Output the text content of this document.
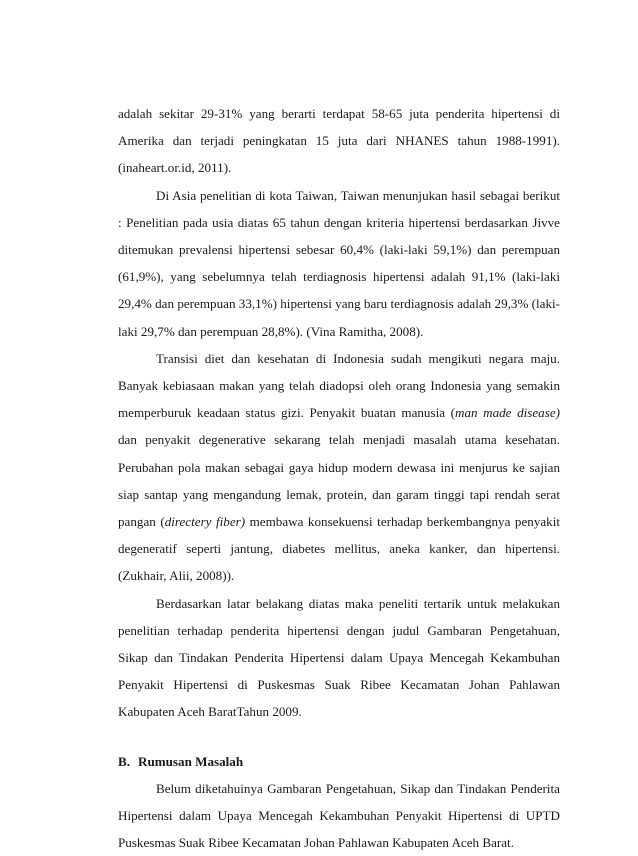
adalah sekitar 29-31% yang berarti terdapat 58-65 juta penderita hipertensi di Amerika dan terjadi peningkatan 15 juta dari NHANES tahun 1988-1991). (inaheart.or.id, 2011).

Di Asia penelitian di kota Taiwan, Taiwan menunjukan hasil sebagai berikut : Penelitian pada usia diatas 65 tahun dengan kriteria hipertensi berdasarkan Jivve ditemukan prevalensi hipertensi sebesar 60,4% (laki-laki 59,1%) dan perempuan (61,9%), yang sebelumnya telah terdiagnosis hipertensi adalah 91,1% (laki-laki 29,4% dan perempuan 33,1%) hipertensi yang baru terdiagnosis adalah 29,3% (laki-laki 29,7% dan perempuan 28,8%). (Vina Ramitha, 2008).

Transisi diet dan kesehatan di Indonesia sudah mengikuti negara maju. Banyak kebiasaan makan yang telah diadopsi oleh orang Indonesia yang semakin memperburuk keadaan status gizi. Penyakit buatan manusia (man made disease) dan penyakit degenerative sekarang telah menjadi masalah utama kesehatan. Perubahan pola makan sebagai gaya hidup modern dewasa ini menjurus ke sajian siap santap yang mengandung lemak, protein, dan garam tinggi tapi rendah serat pangan (directery fiber) membawa konsekuensi terhadap berkembangnya penyakit degeneratif seperti jantung, diabetes mellitus, aneka kanker, dan hipertensi. (Zukhair, Alii, 2008)).

Berdasarkan latar belakang diatas maka peneliti tertarik untuk melakukan penelitian terhadap penderita hipertensi dengan judul Gambaran Pengetahuan, Sikap dan Tindakan Penderita Hipertensi dalam Upaya Mencegah Kekambuhan Penyakit Hipertensi di Puskesmas Suak Ribee Kecamatan Johan Pahlawan Kabupaten Aceh BaratTahun 2009.

B. Rumusan Masalah

Belum diketahuinya Gambaran Pengetahuan, Sikap dan Tindakan Penderita Hipertensi dalam Upaya Mencegah Kekambuhan Penyakit Hipertensi di UPTD Puskesmas Suak Ribee Kecamatan Johan Pahlawan Kabupaten Aceh Barat.
